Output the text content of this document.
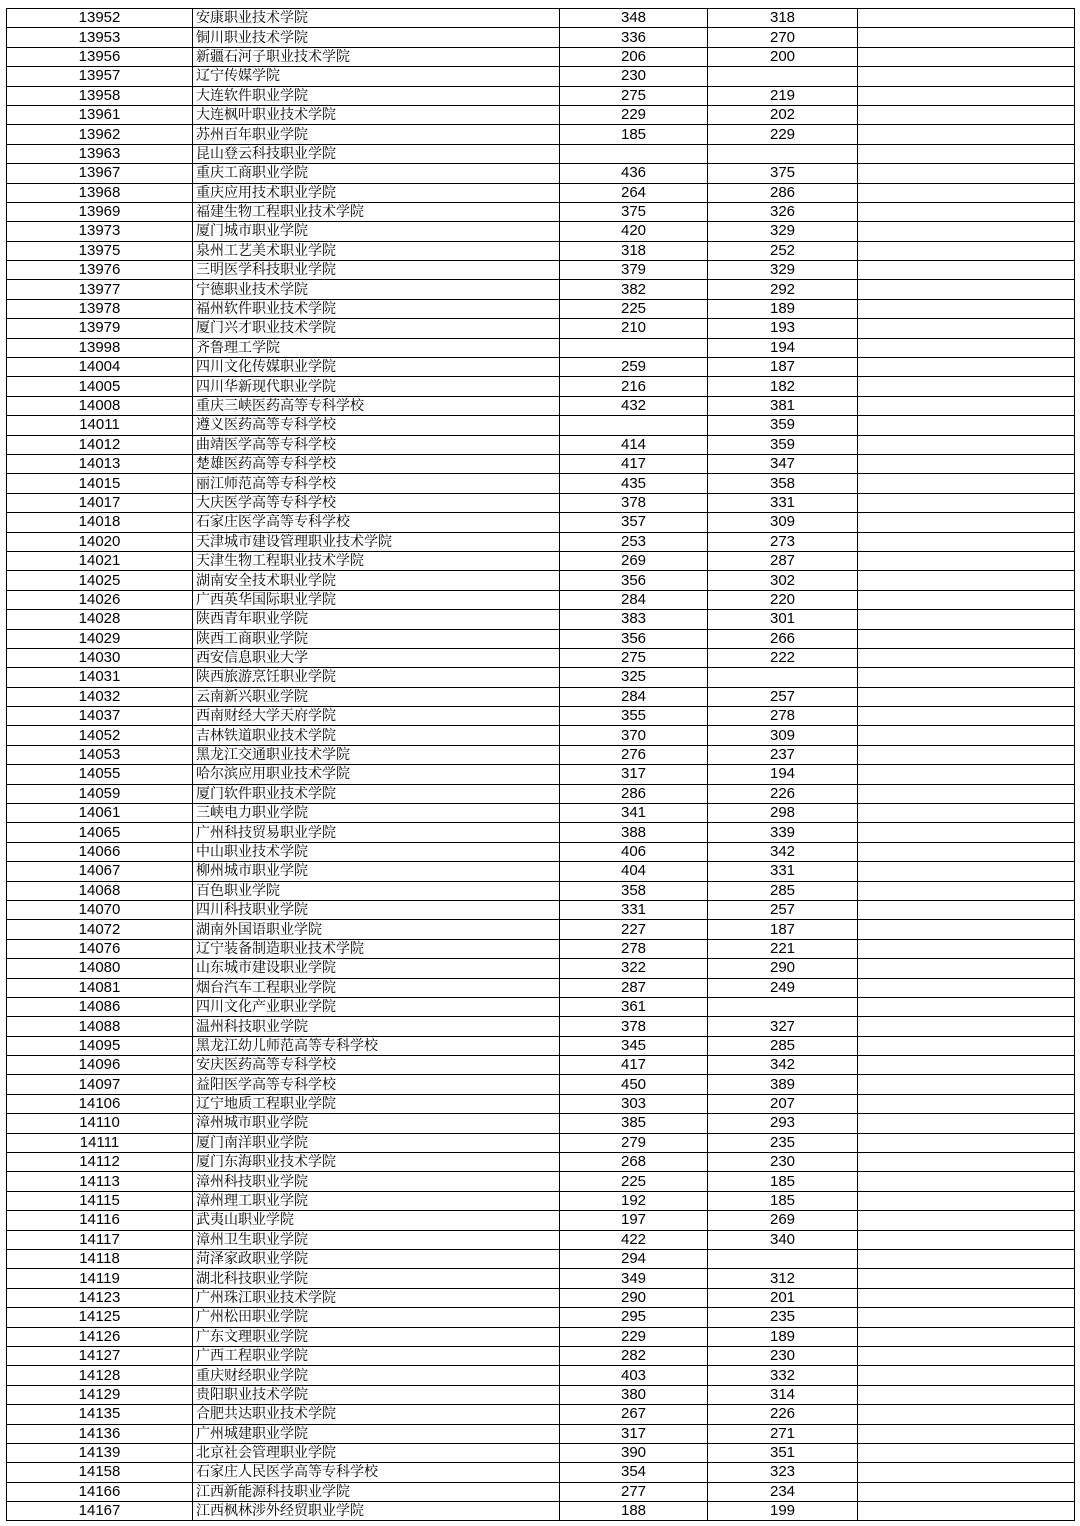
13952	安康职业技术学院	348	318	
13953	铜川职业技术学院	336	270	
13956	新疆石河子职业技术学院	206	200	
13957	辽宁传媒学院	230		
13958	大连软件职业学院	275	219	
13961	大连枫叶职业技术学院	229	202	
13962	苏州百年职业学院	185	229	
13963	昆山登云科技职业学院			
13967	重庆工商职业学院	436	375	
13968	重庆应用技术职业学院	264	286	
13969	福建生物工程职业技术学院	375	326	
13973	厦门城市职业学院	420	329	
13975	泉州工艺美术职业学院	318	252	
13976	三明医学科技职业学院	379	329	
13977	宁德职业技术学院	382	292	
13978	福州软件职业技术学院	225	189	
13979	厦门兴才职业技术学院	210	193	
13998	齐鲁理工学院		194	
14004	四川文化传媒职业学院	259	187	
14005	四川华新现代职业学院	216	182	
14008	重庆三峡医药高等专科学校	432	381	
14011	遵义医药高等专科学校		359	
14012	曲靖医学高等专科学校	414	359	
14013	楚雄医药高等专科学校	417	347	
14015	丽江师范高等专科学校	435	358	
14017	大庆医学高等专科学校	378	331	
14018	石家庄医学高等专科学校	357	309	
14020	天津城市建设管理职业技术学院	253	273	
14021	天津生物工程职业技术学院	269	287	
14025	湖南安全技术职业学院	356	302	
14026	广西英华国际职业学院	284	220	
14028	陕西青年职业学院	383	301	
14029	陕西工商职业学院	356	266	
14030	西安信息职业大学	275	222	
14031	陕西旅游烹饪职业学院	325		
14032	云南新兴职业学院	284	257	
14037	西南财经大学天府学院	355	278	
14052	吉林铁道职业技术学院	370	309	
14053	黑龙江交通职业技术学院	276	237	
14055	哈尔滨应用职业技术学院	317	194	
14059	厦门软件职业技术学院	286	226	
14061	三峡电力职业学院	341	298	
14065	广州科技贸易职业学院	388	339	
14066	中山职业技术学院	406	342	
14067	柳州城市职业学院	404	331	
14068	百色职业学院	358	285	
14070	四川科技职业学院	331	257	
14072	湖南外国语职业学院	227	187	
14076	辽宁装备制造职业技术学院	278	221	
14080	山东城市建设职业学院	322	290	
14081	烟台汽车工程职业学院	287	249	
14086	四川文化产业职业学院	361		
14088	温州科技职业学院	378	327	
14095	黑龙江幼儿师范高等专科学校	345	285	
14096	安庆医药高等专科学校	417	342	
14097	益阳医学高等专科学校	450	389	
14106	辽宁地质工程职业学院	303	207	
14110	漳州城市职业学院	385	293	
14111	厦门南洋职业学院	279	235	
14112	厦门东海职业技术学院	268	230	
14113	漳州科技职业学院	225	185	
14115	漳州理工职业学院	192	185	
14116	武夷山职业学院	197	269	
14117	漳州卫生职业学院	422	340	
14118	菏泽家政职业学院	294		
14119	湖北科技职业学院	349	312	
14123	广州珠江职业技术学院	290	201	
14125	广州松田职业学院	295	235	
14126	广东文理职业学院	229	189	
14127	广西工程职业学院	282	230	
14128	重庆财经职业学院	403	332	
14129	贵阳职业技术学院	380	314	
14135	合肥共达职业技术学院	267	226	
14136	广州城建职业学院	317	271	
14139	北京社会管理职业学院	390	351	
14158	石家庄人民医学高等专科学校	354	323	
14166	江西新能源科技职业学院	277	234	
14167	江西枫林涉外经贸职业学院	188	199	
